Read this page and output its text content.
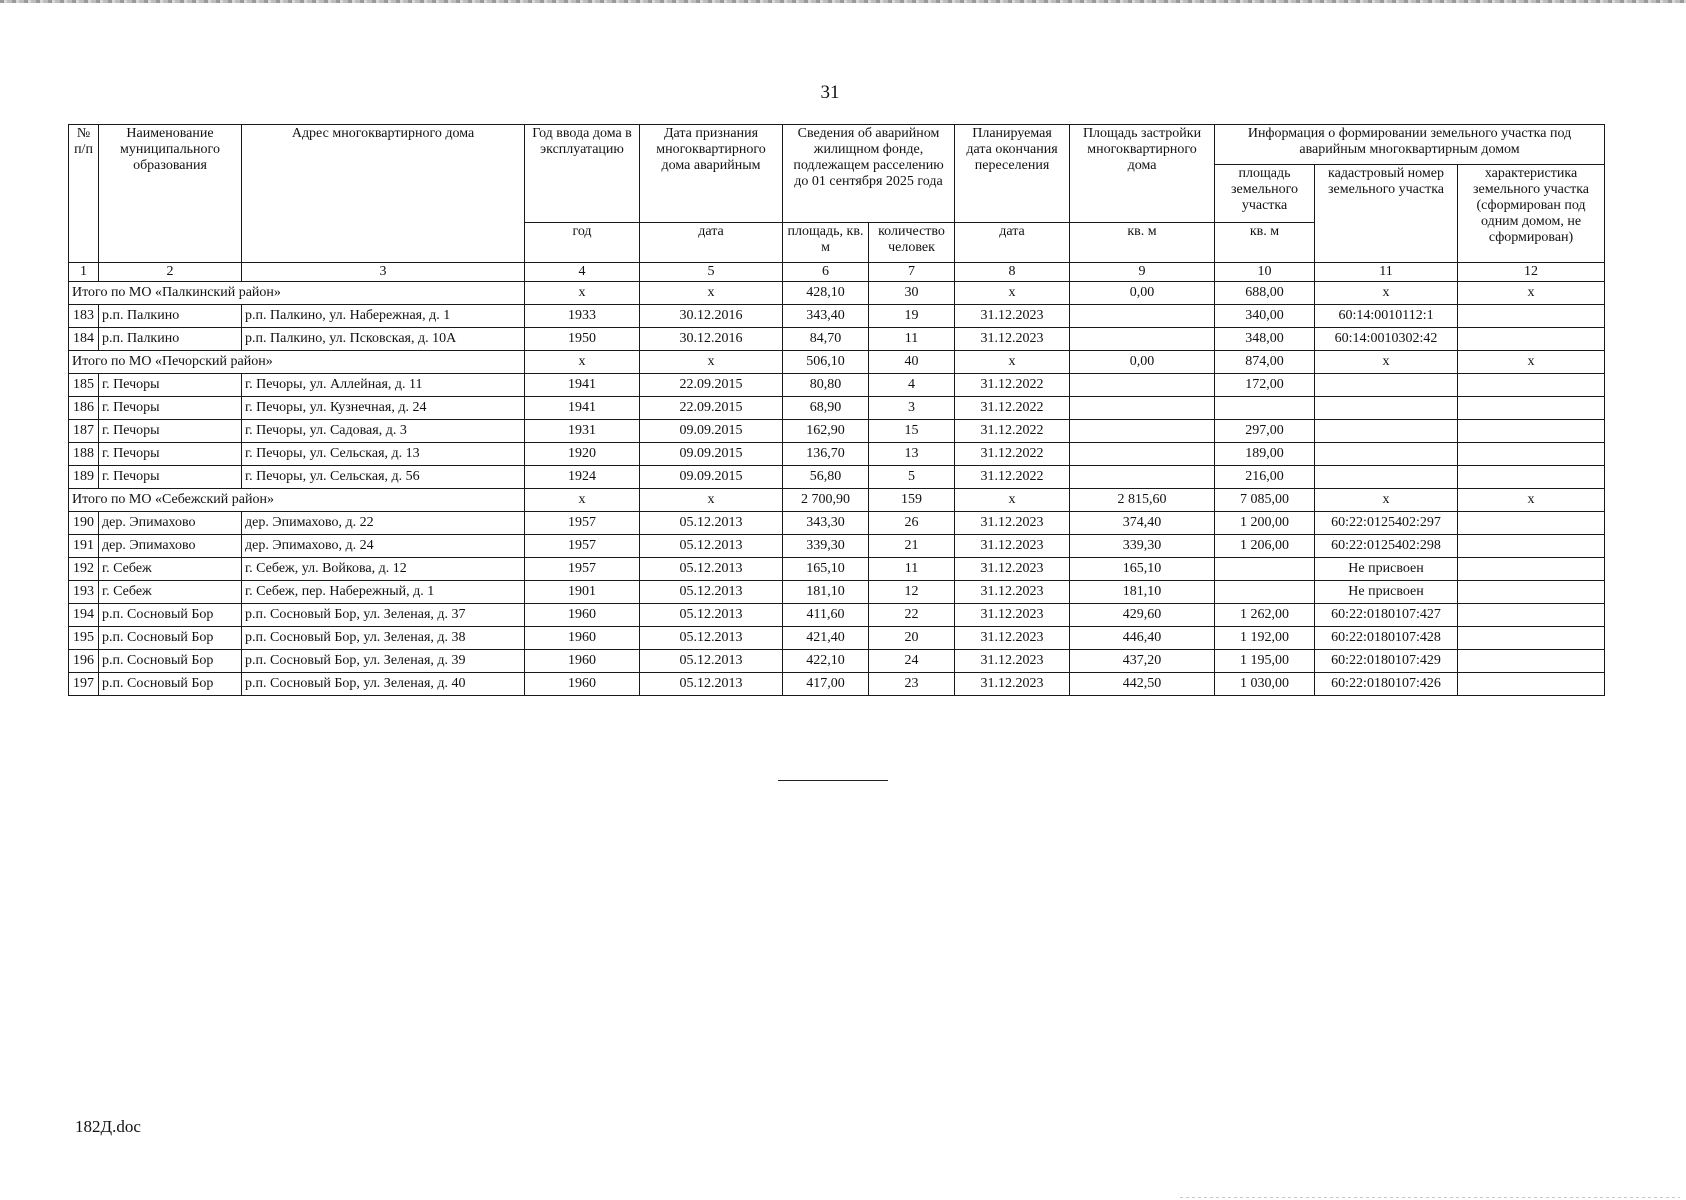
31
№ п/п	Наименование муниципального образования	Адрес многоквартирного дома	Год ввода дома в эксплуатацию	Дата признания многоквартирного дома аварийным	Сведения об аварийном жилищном фонде, подлежащем расселению до 01 сентября 2025 года		Планируемая дата окончания переселения	Площадь застройки многоквартирного дома	Информация о формировании земельного участка под аварийным многоквартирным домом		
									площадь земельного участка	кадастровый номер земельного участка	характеристика земельного участка (сформирован под одним домом, не сформирован)
			год	дата	площадь, кв. м	количество человек	дата	кв. м	кв. м		
1	2	3	4	5	6	7	8	9	10	11	12
Итого по МО «Палкинский район»			x	x	428,10	30	x	0,00	688,00	x	x
183	р.п. Палкино	р.п. Палкино, ул. Набережная, д. 1	1933	30.12.2016	343,40	19	31.12.2023		340,00	60:14:0010112:1	
184	р.п. Палкино	р.п. Палкино, ул. Псковская, д. 10А	1950	30.12.2016	84,70	11	31.12.2023		348,00	60:14:0010302:42	
Итого по МО «Печорский район»			x	x	506,10	40	x	0,00	874,00	x	x
185	г. Печоры	г. Печоры, ул. Аллейная, д. 11	1941	22.09.2015	80,80	4	31.12.2022		172,00		
186	г. Печоры	г. Печоры, ул. Кузнечная, д. 24	1941	22.09.2015	68,90	3	31.12.2022				
187	г. Печоры	г. Печоры, ул. Садовая, д. 3	1931	09.09.2015	162,90	15	31.12.2022		297,00		
188	г. Печоры	г. Печоры, ул. Сельская, д. 13	1920	09.09.2015	136,70	13	31.12.2022		189,00		
189	г. Печоры	г. Печоры, ул. Сельская, д. 56	1924	09.09.2015	56,80	5	31.12.2022		216,00		
Итого по МО «Себежский район»			x	x	2 700,90	159	x	2 815,60	7 085,00	x	x
190	дер. Эпимахово	дер. Эпимахово, д. 22	1957	05.12.2013	343,30	26	31.12.2023	374,40	1 200,00	60:22:0125402:297	
191	дер. Эпимахово	дер. Эпимахово, д. 24	1957	05.12.2013	339,30	21	31.12.2023	339,30	1 206,00	60:22:0125402:298	
192	г. Себеж	г. Себеж, ул. Войкова, д. 12	1957	05.12.2013	165,10	11	31.12.2023	165,10		Не присвоен	
193	г. Себеж	г. Себеж, пер. Набережный, д. 1	1901	05.12.2013	181,10	12	31.12.2023	181,10		Не присвоен	
194	р.п. Сосновый Бор	р.п. Сосновый Бор, ул. Зеленая, д. 37	1960	05.12.2013	411,60	22	31.12.2023	429,60	1 262,00	60:22:0180107:427	
195	р.п. Сосновый Бор	р.п. Сосновый Бор, ул. Зеленая, д. 38	1960	05.12.2013	421,40	20	31.12.2023	446,40	1 192,00	60:22:0180107:428	
196	р.п. Сосновый Бор	р.п. Сосновый Бор, ул. Зеленая, д. 39	1960	05.12.2013	422,10	24	31.12.2023	437,20	1 195,00	60:22:0180107:429	
197	р.п. Сосновый Бор	р.п. Сосновый Бор, ул. Зеленая, д. 40	1960	05.12.2013	417,00	23	31.12.2023	442,50	1 030,00	60:22:0180107:426	
182Д.doc
